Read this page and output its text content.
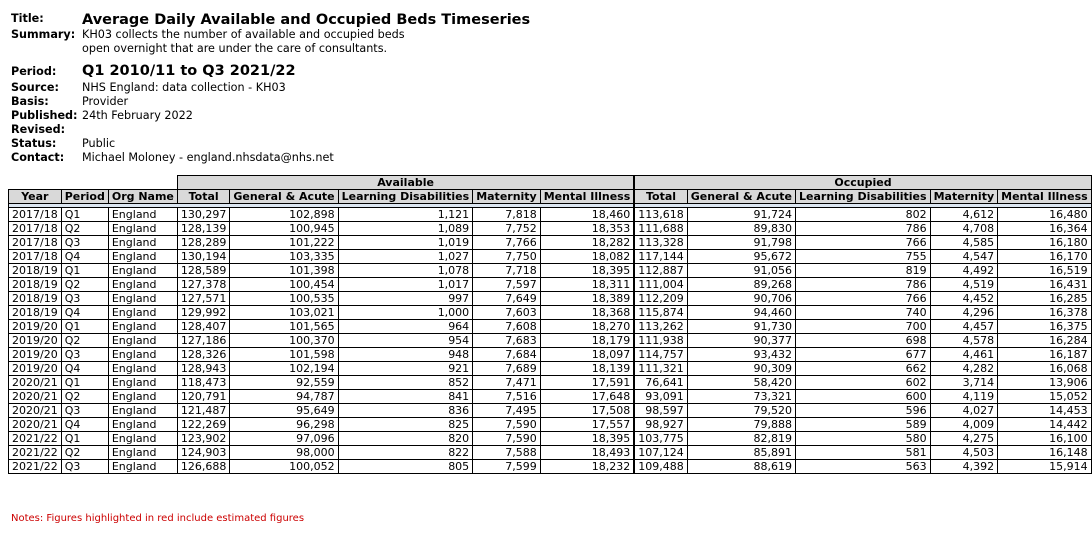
Title:	Average Daily Available and Occupied Beds Timeseries
Summary: KH03 collects the number of available and occupied beds
open overnight that are under the care of consultants.
Period:	Q1 2010/11 to Q3 2021/22
Source:	NHS England: data collection - KH03
Basis:	Provider
Published: 24th February 2022
Revised:
Status:	Public
Contact:	Michael Moloney - england.nhsdata@nhs.net
			Available					Occupied				
Year	Period	Org Name	Total	General & Acute	Learning Disabilities	Maternity	Mental Illness		Total	General & Acute	Learning Disabilities	Maternity	Mental Illness

2017/18	Q1	England	130,297	102,898	1,121	7,818	18,460		113,618	91,724	802	4,612	16,480
2017/18	Q2	England	128,139	100,945	1,089	7,752	18,353		111,688	89,830	786	4,708	16,364
2017/18	Q3	England	128,289	101,222	1,019	7,766	18,282		113,328	91,798	766	4,585	16,180
2017/18	Q4	England	130,194	103,335	1,027	7,750	18,082		117,144	95,672	755	4,547	16,170
2018/19	Q1	England	128,589	101,398	1,078	7,718	18,395		112,887	91,056	819	4,492	16,519
2018/19	Q2	England	127,378	100,454	1,017	7,597	18,311		111,004	89,268	786	4,519	16,431
2018/19	Q3	England	127,571	100,535	997	7,649	18,389		112,209	90,706	766	4,452	16,285
2018/19	Q4	England	129,992	103,021	1,000	7,603	18,368		115,874	94,460	740	4,296	16,378
2019/20	Q1	England	128,407	101,565	964	7,608	18,270		113,262	91,730	700	4,457	16,375
2019/20	Q2	England	127,186	100,370	954	7,683	18,179		111,938	90,377	698	4,578	16,284
2019/20	Q3	England	128,326	101,598	948	7,684	18,097		114,757	93,432	677	4,461	16,187
2019/20	Q4	England	128,943	102,194	921	7,689	18,139		111,321	90,309	662	4,282	16,068
2020/21	Q1	England	118,473	92,559	852	7,471	17,591		76,641	58,420	602	3,714	13,906
2020/21	Q2	England	120,791	94,787	841	7,516	17,648		93,091	73,321	600	4,119	15,052
2020/21	Q3	England	121,487	95,649	836	7,495	17,508		98,597	79,520	596	4,027	14,453
2020/21	Q4	England	122,269	96,298	825	7,590	17,557		98,927	79,888	589	4,009	14,442
2021/22	Q1	England	123,902	97,096	820	7,590	18,395		103,775	82,819	580	4,275	16,100
2021/22	Q2	England	124,903	98,000	822	7,588	18,493		107,124	85,891	581	4,503	16,148
2021/22	Q3	England	126,688	100,052	805	7,599	18,232		109,488	88,619	563	4,392	15,914
Notes: Figures highlighted in red include estimated figures
